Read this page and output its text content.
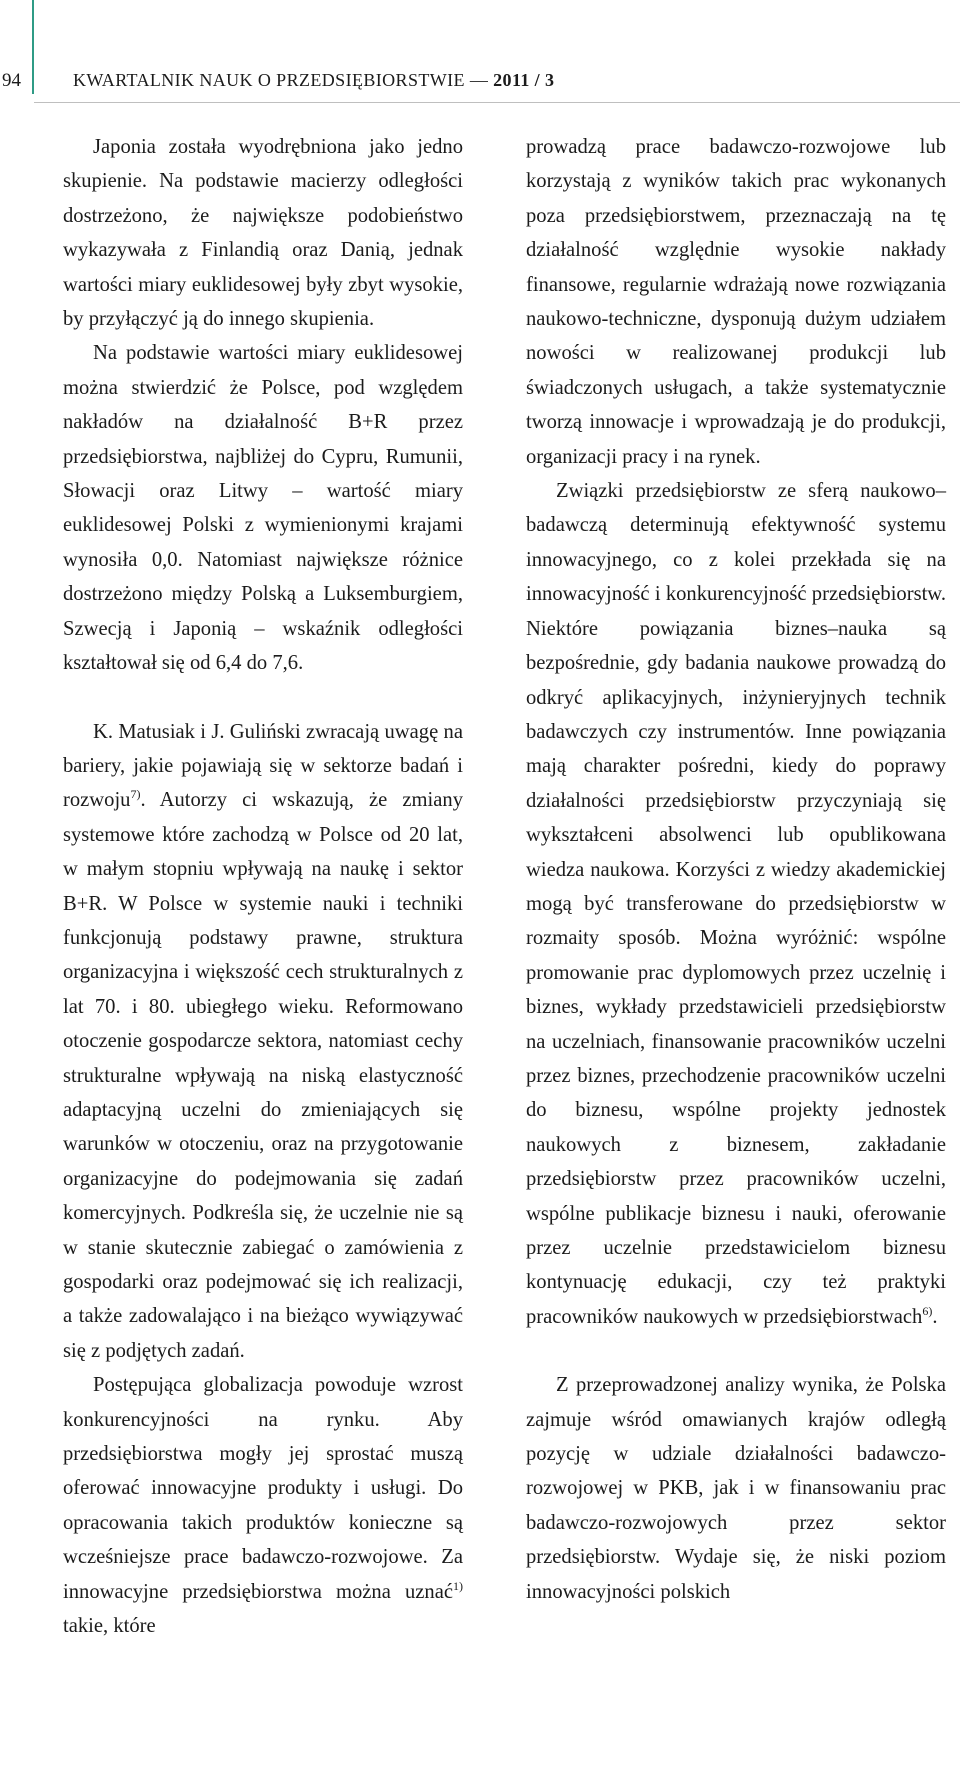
94	KWARTALNIK NAUK O PRZEDSIĘBIORSTWIE — 2011 / 3

Japonia została wyodrębniona jako jedno skupienie. Na podstawie macierzy odległości dostrzeżono, że największe podobieństwo wykazywała z Finlandią oraz Danią, jednak wartości miary euklidesowej były zbyt wysokie, by przyłączyć ją do innego skupienia.

Na podstawie wartości miary euklidesowej można stwierdzić że Polsce, pod względem nakładów na działalność B+R przez przedsiębiorstwa, najbliżej do Cypru, Rumunii, Słowacji oraz Litwy – wartość miary euklidesowej Polski z wymienionymi krajami wynosiła 0,0. Natomiast największe różnice dostrzeżono między Polską a Luksemburgiem, Szwecją i Japonią – wskaźnik odległości kształtował się od 6,4 do 7,6.

K. Matusiak i J. Guliński zwracają uwagę na bariery, jakie pojawiają się w sektorze badań i rozwoju$^{7)}$. Autorzy ci wskazują, że zmiany systemowe które zachodzą w Polsce od 20 lat, w małym stopniu wpływają na naukę i sektor B+R. W Polsce w systemie nauki i techniki funkcjonują podstawy prawne, struktura organizacyjna i większość cech strukturalnych z lat 70. i 80. ubiegłego wieku. Reformowano otoczenie gospodarcze sektora, natomiast cechy strukturalne wpływają na niską elastyczność adaptacyjną uczelni do zmieniających się warunków w otoczeniu, oraz na przygotowanie organizacyjne do podejmowania się zadań komercyjnych. Podkreśla się, że uczelnie nie są w stanie skutecznie zabiegać o zamówienia z gospodarki oraz podejmować się ich realizacji, a także zadowalająco i na bieżąco wywiązywać się z podjętych zadań.

Postępująca globalizacja powoduje wzrost konkurencyjności na rynku. Aby przedsiębiorstwa mogły jej sprostać muszą oferować innowacyjne produkty i usługi. Do opracowania takich produktów konieczne są wcześniejsze prace badawczo-rozwojowe. Za innowacyjne przedsiębiorstwa można uznać$^{1)}$ takie, które

prowadzą prace badawczo-rozwojowe lub korzystają z wyników takich prac wykonanych poza przedsiębiorstwem, przeznaczają na tę działalność względnie wysokie nakłady finansowe, regularnie wdrażają nowe rozwiązania naukowo-techniczne, dysponują dużym udziałem nowości w realizowanej produkcji lub świadczonych usługach, a także systematycznie tworzą innowacje i wprowadzają je do produkcji, organizacji pracy i na rynek.

Związki przedsiębiorstw ze sferą naukowo–badawczą determinują efektywność systemu innowacyjnego, co z kolei przekłada się na innowacyjność i konkurencyjność przedsiębiorstw. Niektóre powiązania biznes–nauka są bezpośrednie, gdy badania naukowe prowadzą do odkryć aplikacyjnych, inżynieryjnych technik badawczych czy instrumentów. Inne powiązania mają charakter pośredni, kiedy do poprawy działalności przedsiębiorstw przyczyniają się wykształceni absolwenci lub opublikowana wiedza naukowa. Korzyści z wiedzy akademickiej mogą być transferowane do przedsiębiorstw w rozmaity sposób. Można wyróżnić: wspólne promowanie prac dyplomowych przez uczelnię i biznes, wykłady przedstawicieli przedsiębiorstw na uczelniach, finansowanie pracowników uczelni przez biznes, przechodzenie pracowników uczelni do biznesu, wspólne projekty jednostek naukowych z biznesem, zakładanie przedsiębiorstw przez pracowników uczelni, wspólne publikacje biznesu i nauki, oferowanie przez uczelnie przedstawicielom biznesu kontynuację edukacji, czy też praktyki pracowników naukowych w przedsiębiorstwach$^{6)}$.

Z przeprowadzonej analizy wynika, że Polska zajmuje wśród omawianych krajów odległą pozycję w udziale działalności badawczo-rozwojowej w PKB, jak i w finansowaniu prac badawczo-rozwojowych przez sektor przedsiębiorstw. Wydaje się, że niski poziom innowacyjności polskich
